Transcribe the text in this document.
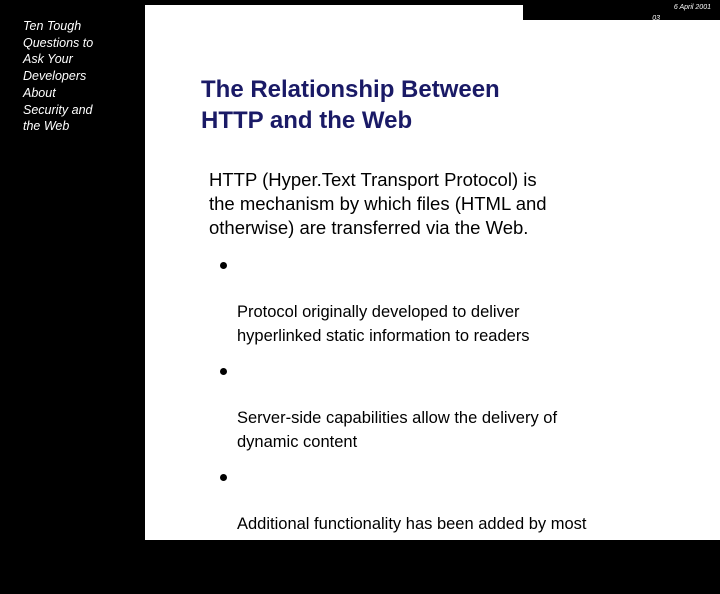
Ten Tough
Questions to
Ask Your
Developers
About
Security and
the Web
6 April 2001
03
The Relationship Between
HTTP and the Web

HTTP (Hyper.Text Transport Protocol) is
the mechanism by which files (HTML and
otherwise) are transferred via the Web.

Protocol originally developed to deliver
hyperlinked static information to readers

Server-side capabilities allow the delivery of
dynamic content

Additional functionality has been added by most
browser manufacturers to allow the user to
interact with server-delivered content
